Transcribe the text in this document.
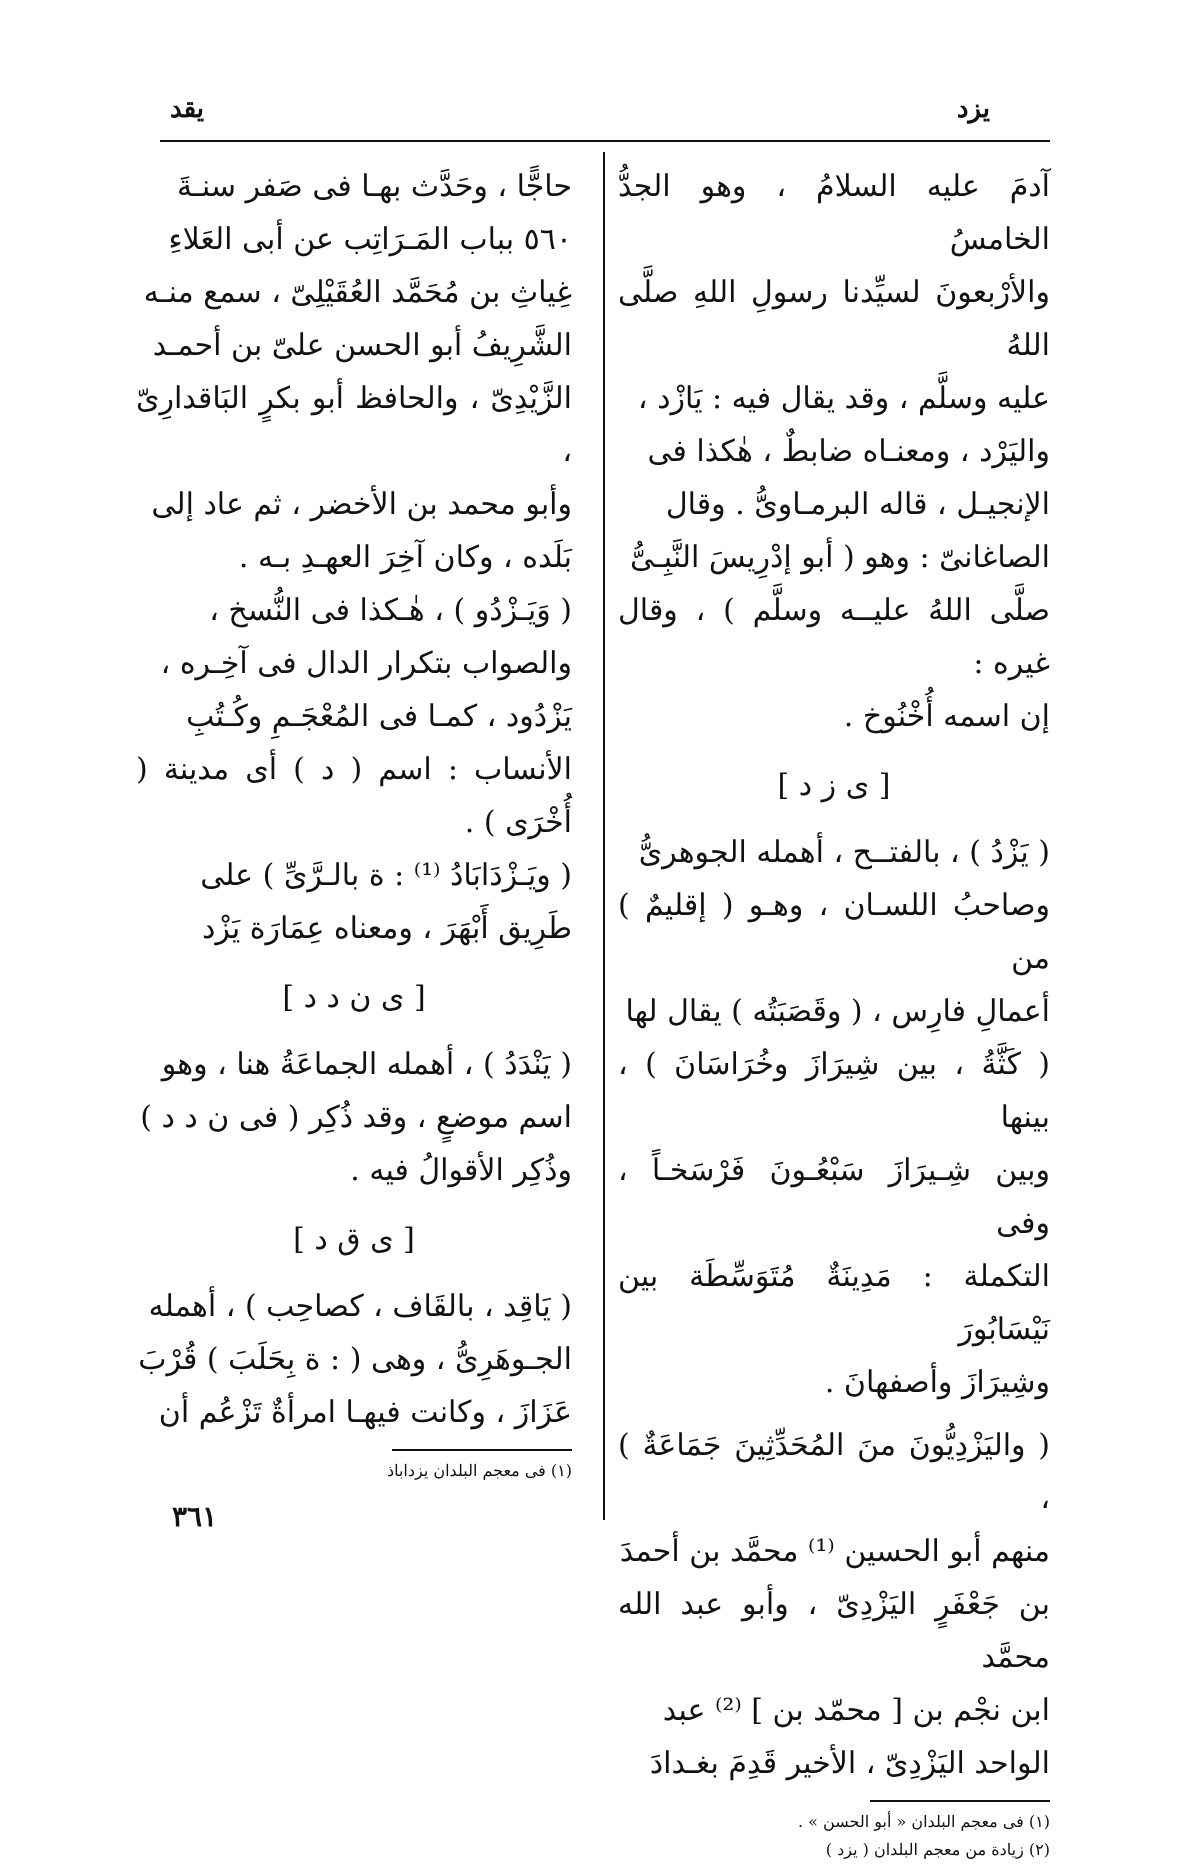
يزد
يقد

آدمَ عليه السلامُ ، وهو الجدُّ الخامسُ

والأرْبعونَ لسيِّدنا رسولِ اللهِ صلَّى اللهُ

عليه وسلَّم ، وقد يقال فيه : يَازْد ،

واليَرْد ، ومعنـاه ضابطٌ ، هٰكذا فى

الإنجيـل ، قاله البرمـاوىُّ . وقال

الصاغانىّ : وهو ( أبو إدْرِيسَ النَّبِـىُّ

صلَّى اللهُ عليــه وسلَّم ) ، وقال غيره :

إن اسمه أُخْنُوخ .

[ ى ز د ]

( يَزْدُ ) ، بالفتــح ، أهمله الجوهرىُّ

وصاحبُ اللسـان ، وهـو ( إقليمٌ ) من

أعمالِ فارِس ، ( وقَصَبَتُه ) يقال لها

( كَثَّةُ ، بين شِيرَازَ وخُرَاسَانَ ) ، بينها

وبين شِـيرَازَ سَبْعُـونَ فَرْسَخـاً ، وفى

التكملة : مَدِينَةٌ مُتَوَسِّطَة بين نَيْسَابُورَ

وشِيرَازَ وأصفهانَ .

( واليَزْدِيُّونَ منَ المُحَدِّثِينَ جَمَاعَةٌ ) ،

منهم أبو الحسين ⁽¹⁾ محمَّد بن أحمدَ

بن جَعْفَرٍ اليَزْدِىّ ، وأبو عبد الله محمَّد

ابن نجْم بن [ محمّد بن ] ⁽²⁾ عبد

الواحد اليَزْدِىّ ، الأخير قَدِمَ بغـدادَ

(١) فى معجم البلدان « أبو الحسن » .
(٢) زيادة من معجم البلدان ( يزد )

حاجًّا ، وحَدَّث بهـا فى صَفر سنـةَ

٥٦٠ بباب المَـرَاتِب عن أبى العَلاءِ

غِياثِ بن مُحَمَّد العُقَيْلِىّ ، سمع منـه

الشَّرِيفُ أبو الحسن علىّ بن أحمـد

الزَّيْدِىّ ، والحافظ أبو بكرٍ البَاقدارِىّ ،

وأبو محمد بن الأخضر ، ثم عاد إلى

بَلَده ، وكان آخِرَ العهـدِ بـه .

( وَيَـزْدُو ) ، هٰـكذا فى النُّسخ ،

والصواب بتكرار الدال فى آخِـره ،

يَزْدُود ، كمـا فى المُعْجَـمِ وكُـتُبِ

الأنساب : اسم ( د ) أى مدينة ( أُخْرَى ) .

( ويَـزْدَابَادُ ⁽¹⁾ : ة بالـرَّىِّ ) على

طَرِيق أَبْهَرَ ، ومعناه عِمَارَة يَزْد

[ ى ن د د ]

( يَنْدَدُ ) ، أهمله الجماعَةُ هنا ، وهو

اسم موضعٍ ، وقد ذُكِر ( فى ن د د )

وذُكِر الأقوالُ فيه .

[ ى ق د ]

( يَاقِد ، بالقَاف ، كصاحِب ) ، أهمله

الجـوهَرِىُّ ، وهى ( : ة بِحَلَبَ ) قُرْبَ

عَزَازَ ، وكانت فيهـا امرأةٌ تَزْعُم أن

(١) فى معجم البلدان يزداباذ
٣٦١
